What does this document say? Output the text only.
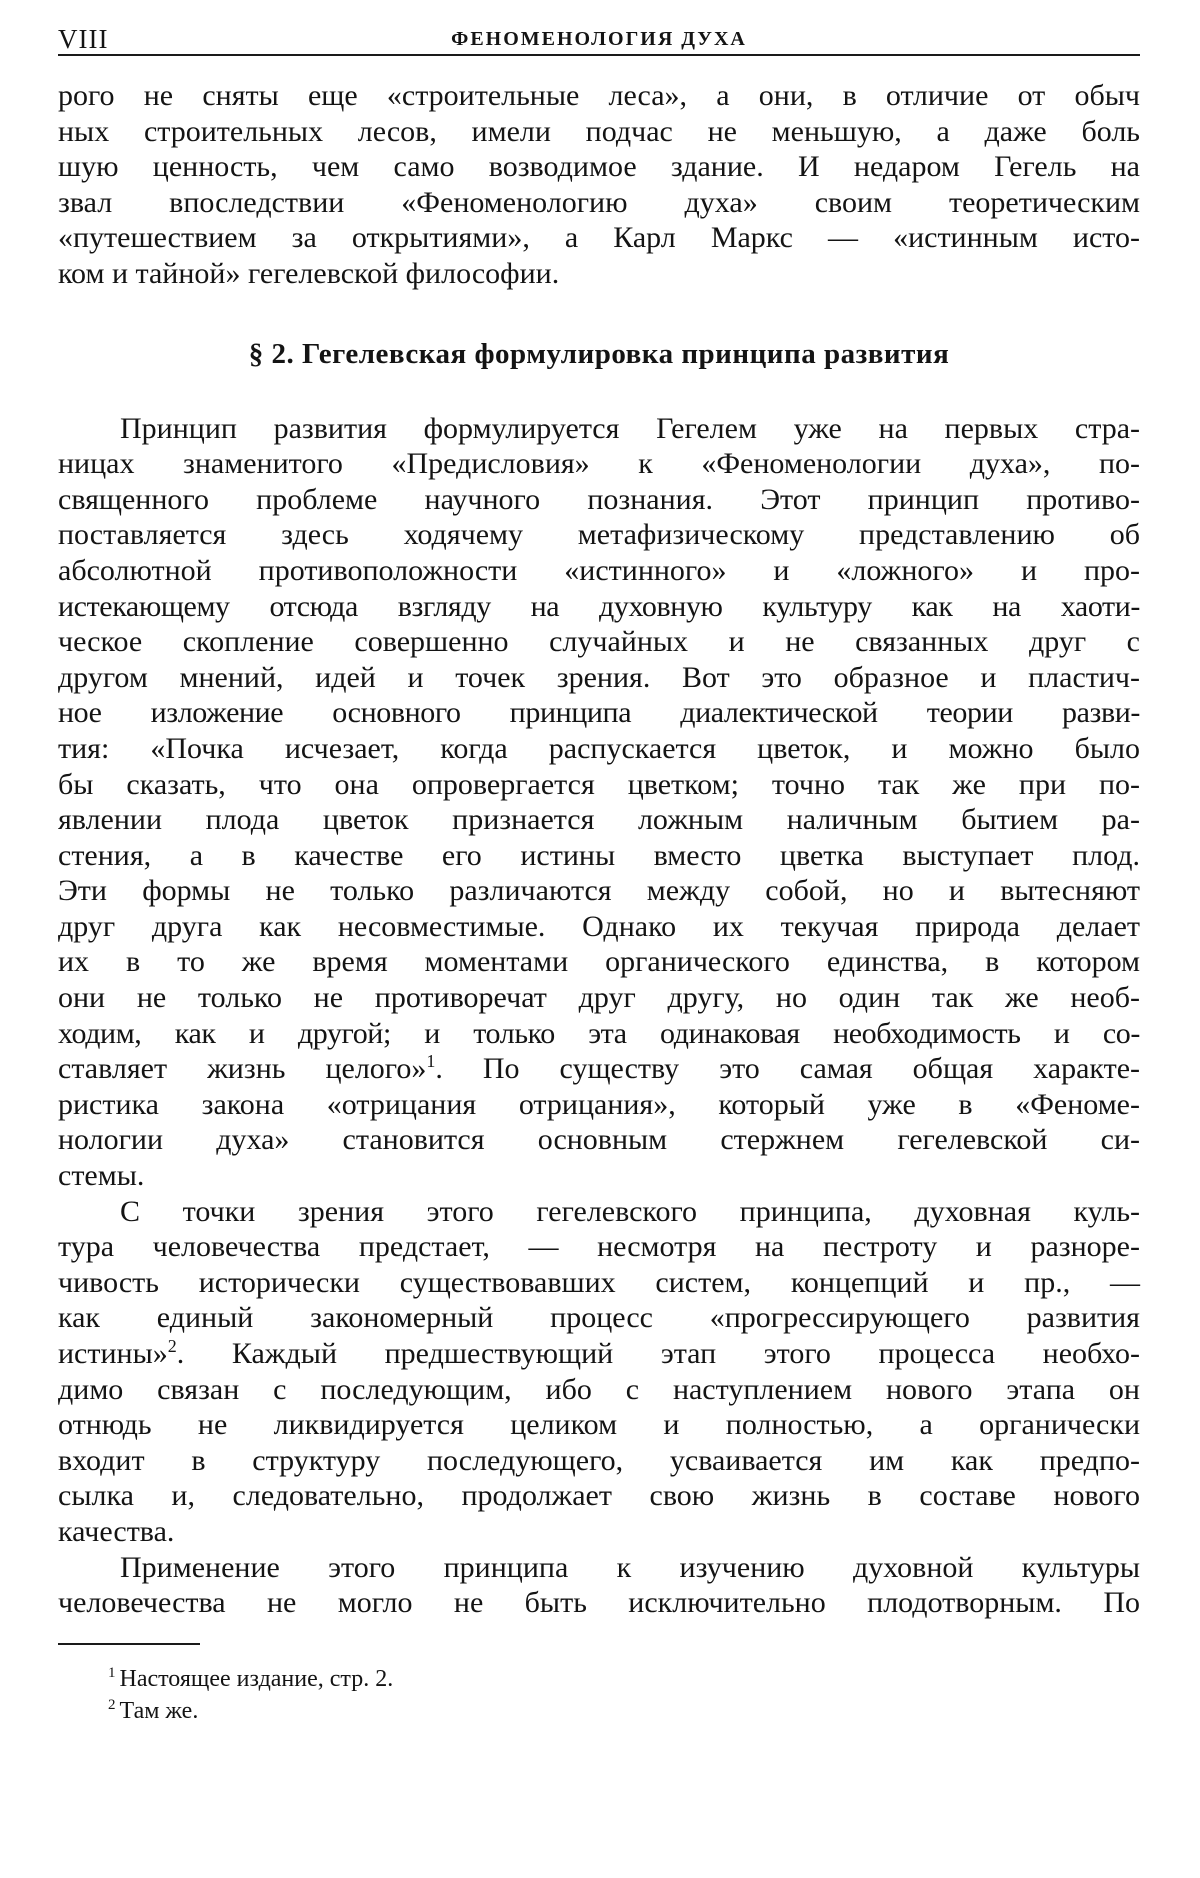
VIII	ФЕНОМЕНОЛОГИЯ ДУХА
рого не сняты еще «строительные леса», а они, в отличие от обыч
ных строительных лесов, имели подчас не меньшую, а даже боль
шую ценность, чем само возводимое здание. И недаром Гегель на
звал впоследствии «Феноменологию духа» своим теоретическим
«путешествием за открытиями», а Карл Маркс — «истинным исто-
ком и тайной» гегелевской философии.
§ 2. Гегелевская формулировка принципа развития
Принцип развития формулируется Гегелем уже на первых стра-
ницах знаменитого «Предисловия» к «Феноменологии духа», по-
священного проблеме научного познания. Этот принцип противо-
поставляется здесь ходячему метафизическому представлению об
абсолютной противоположности «истинного» и «ложного» и про-
истекающему отсюда взгляду на духовную культуру как на хаоти-
ческое скопление совершенно случайных и не связанных друг с
другом мнений, идей и точек зрения. Вот это образное и пластич-
ное изложение основного принципа диалектической теории разви-
тия: «Почка исчезает, когда распускается цветок, и можно было
бы сказать, что она опровергается цветком; точно так же при по-
явлении плода цветок признается ложным наличным бытием ра-
стения, а в качестве его истины вместо цветка выступает плод.
Эти формы не только различаются между собой, но и вытесняют
друг друга как несовместимые. Однако их текучая природа делает
их в то же время моментами органического единства, в котором
они не только не противоречат друг другу, но один так же необ-
ходим, как и другой; и только эта одинаковая необходимость и со-
ставляет жизнь целого»$^1$. По существу это самая общая характе-
ристика закона «отрицания отрицания», который уже в «Феноме-
нологии духа» становится основным стержнем гегелевской си-
стемы.
С точки зрения этого гегелевского принципа, духовная куль-
тура человечества предстает, — несмотря на пестроту и разноре-
чивость исторически существовавших систем, концепций и пр., —
как единый закономерный процесс «прогрессирующего развития
истины»$^2$. Каждый предшествующий этап этого процесса необхо-
димо связан с последующим, ибо с наступлением нового этапа он
отнюдь не ликвидируется целиком и полностью, а органически
входит в структуру последующего, усваивается им как предпо-
сылка и, следовательно, продолжает свою жизнь в составе нового
качества.
Применение этого принципа к изучению духовной культуры
человечества не могло не быть исключительно плодотворным. По
$^1$ Настоящее издание, стр. 2.
$^2$ Там же.
